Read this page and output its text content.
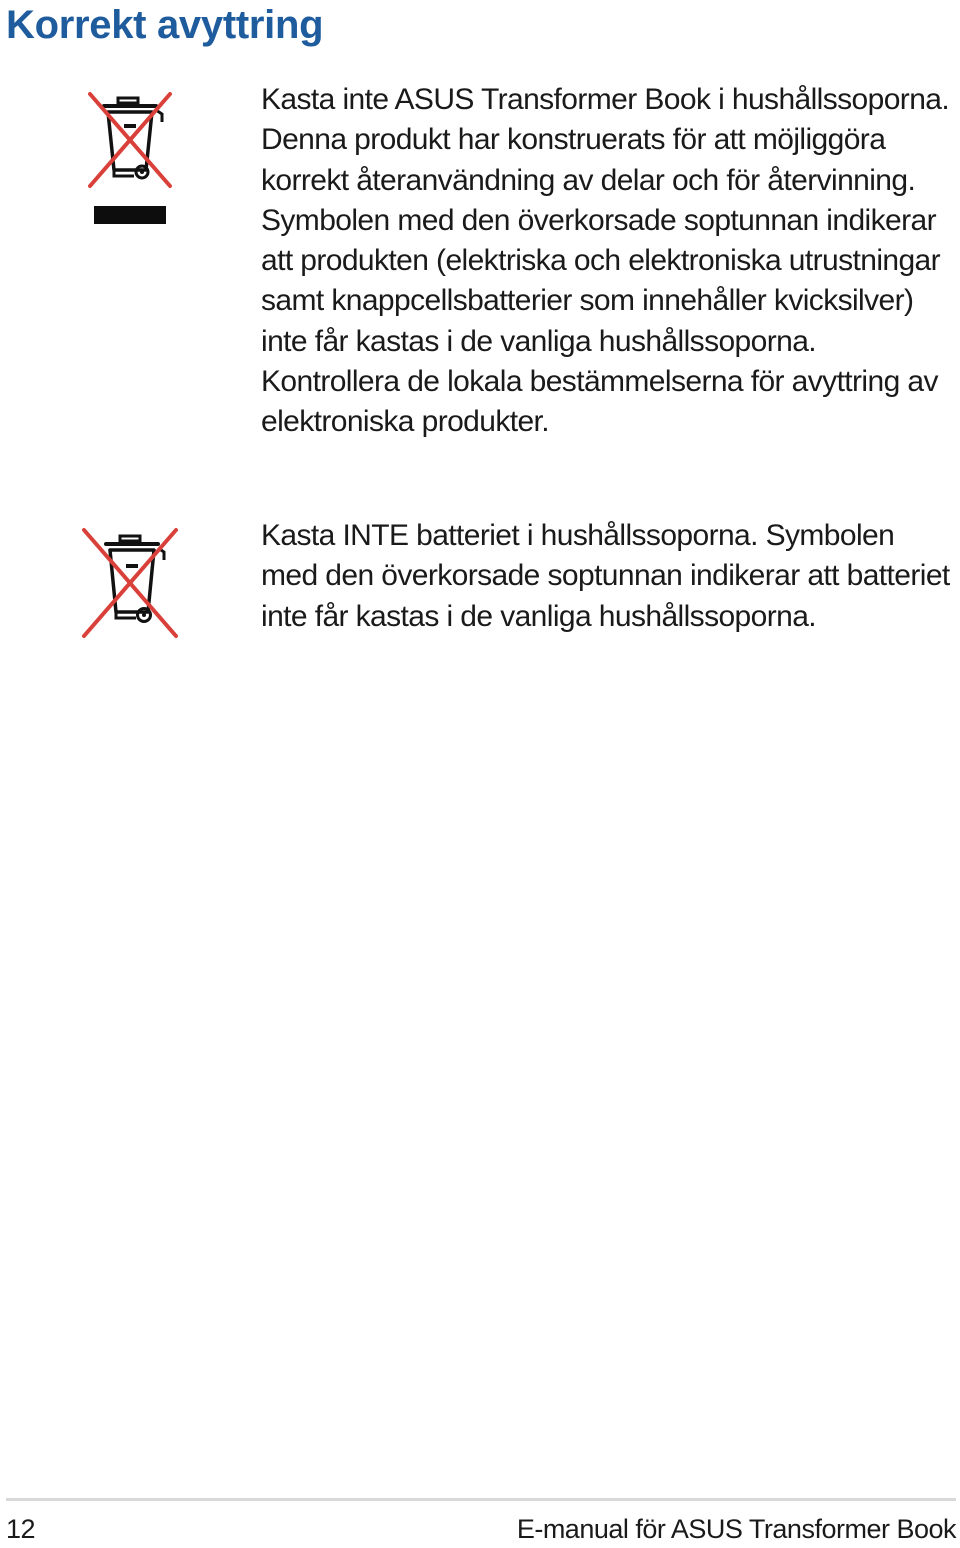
Korrekt avyttring

Kasta inte ASUS Transformer Book i hushållssoporna. Denna produkt har konstruerats för att möjliggöra korrekt återanvändning av delar och för återvinning. Symbolen med den överkorsade soptunnan indikerar att produkten (elektriska och elektroniska utrustningar samt knappcellsbatterier som innehåller kvicksilver) inte får kastas i de vanliga hushållssoporna. Kontrollera de lokala bestämmelserna för avyttring av elektroniska produkter.

Kasta INTE batteriet i hushållssoporna. Symbolen med den överkorsade soptunnan indikerar att batteriet inte får kastas i de vanliga hushållssoporna.

12	E-manual för ASUS Transformer Book
